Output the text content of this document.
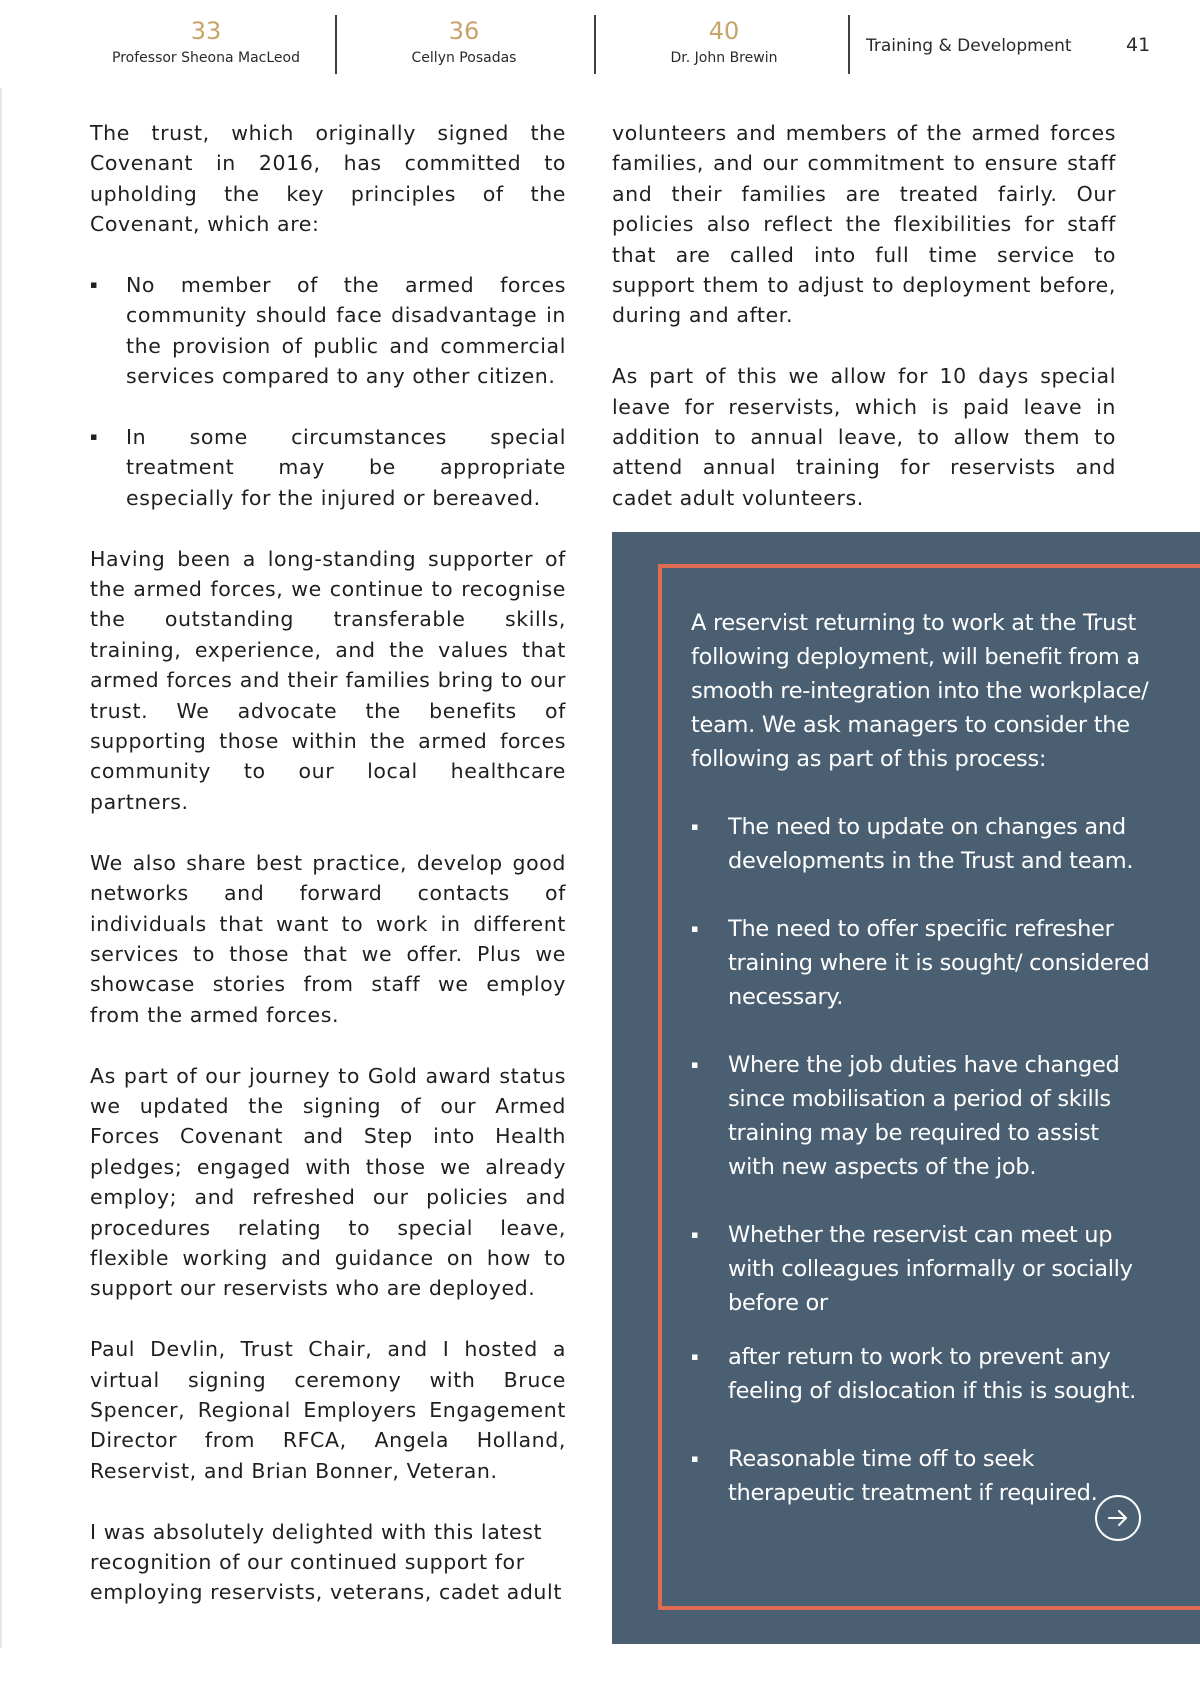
33
Professor Sheona MacLeod
36
Cellyn Posadas
40
Dr. John Brewin
Training & Development	41

The trust, which originally signed the Covenant in 2016, has committed to upholding the key principles of the Covenant, which are:

▪ No member of the armed forces community should face disadvantage in the provision of public and commercial services compared to any other citizen.
▪ In some circumstances special treatment may be appropriate especially for the injured or bereaved.

Having been a long-standing supporter of the armed forces, we continue to recognise the outstanding transferable skills, training, experience, and the values that armed forces and their families bring to our trust. We advocate the benefits of supporting those within the armed forces community to our local healthcare partners.

We also share best practice, develop good networks and forward contacts of individuals that want to work in different services to those that we offer. Plus we showcase stories from staff we employ from the armed forces.

As part of our journey to Gold award status we updated the signing of our Armed Forces Covenant and Step into Health pledges; engaged with those we already employ; and refreshed our policies and procedures relating to special leave, flexible working and guidance on how to support our reservists who are deployed.

Paul Devlin, Trust Chair, and I hosted a virtual signing ceremony with Bruce Spencer, Regional Employers Engagement Director from RFCA, Angela Holland, Reservist, and Brian Bonner, Veteran.

I was absolutely delighted with this latest recognition of our continued support for employing reservists, veterans, cadet adult

volunteers and members of the armed forces families, and our commitment to ensure staff and their families are treated fairly. Our policies also reflect the flexibilities for staff that are called into full time service to support them to adjust to deployment before, during and after.

As part of this we allow for 10 days special leave for reservists, which is paid leave in addition to annual leave, to allow them to attend annual training for reservists and cadet adult volunteers.

A reservist returning to work at the Trust following deployment, will benefit from a smooth re-integration into the workplace/ team. We ask managers to consider the following as part of this process:

▪ The need to update on changes and developments in the Trust and team.
▪ The need to offer specific refresher training where it is sought/ considered necessary.
▪ Where the job duties have changed since mobilisation a period of skills training may be required to assist with new aspects of the job.
▪ Whether the reservist can meet up with colleagues informally or socially before or
▪ after return to work to prevent any feeling of dislocation if this is sought.
▪ Reasonable time off to seek therapeutic treatment if required.
